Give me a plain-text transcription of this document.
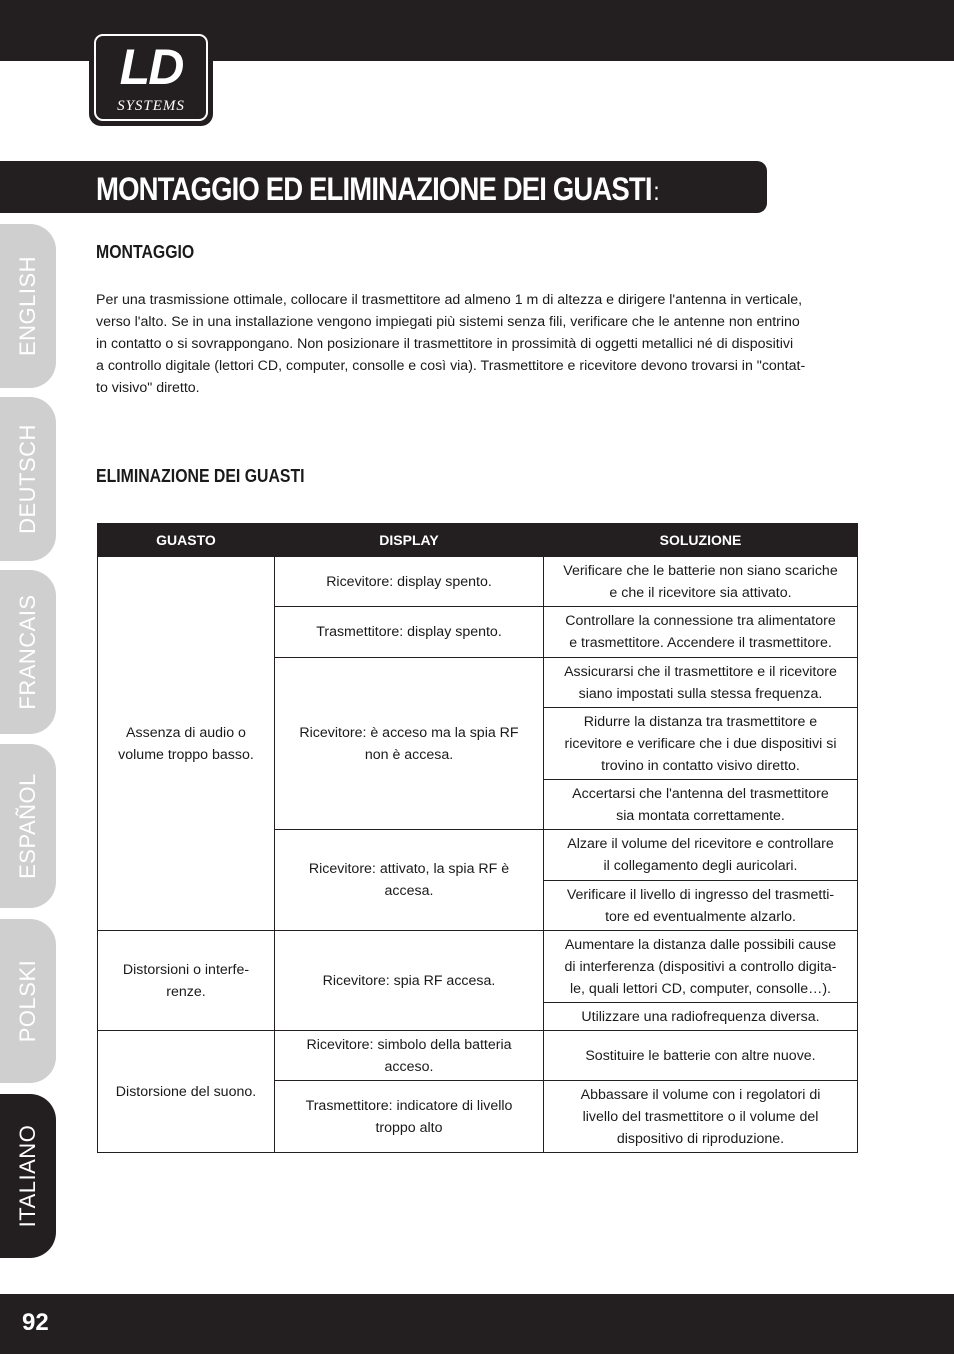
LD
SYSTEMS
MONTAGGIO ED ELIMINAZIONE DEI GUASTI:
ENGLISH
DEUTSCH
FRANCAIS
ESPAÑOL
POLSKI
ITALIANO
MONTAGGIO
Per una trasmissione ottimale, collocare il trasmettitore ad almeno 1 m di altezza e dirigere l'antenna in verticale,
verso l'alto. Se in una installazione vengono impiegati più sistemi senza fili, verificare che le antenne non entrino
in contatto o si sovrappongano. Non posizionare il trasmettitore in prossimità di oggetti metallici né di dispositivi
a controllo digitale (lettori CD, computer, consolle e così via). Trasmettitore e ricevitore devono trovarsi in "contat-
to visivo" diretto.
ELIMINAZIONE DEI GUASTI
GUASTO	DISPLAY	SOLUZIONE
Assenza di audio o
volume troppo basso.	Ricevitore: display spento.	Verificare che le batterie non siano scariche
e che il ricevitore sia attivato.
	Trasmettitore: display spento.	Controllare la connessione tra alimentatore
e trasmettitore. Accendere il trasmettitore.
	Ricevitore: è acceso ma la spia RF
non è accesa.	Assicurarsi che il trasmettitore e il ricevitore
siano impostati sulla stessa frequenza.
		Ridurre la distanza tra trasmettitore e
ricevitore e verificare che i due dispositivi si
trovino in contatto visivo diretto.
		Accertarsi che l'antenna del trasmettitore
sia montata correttamente.
	Ricevitore: attivato, la spia RF è
accesa.	Alzare il volume del ricevitore e controllare
il collegamento degli auricolari.
		Verificare il livello di ingresso del trasmetti-
tore ed eventualmente alzarlo.
Distorsioni o interfe-
renze.	Ricevitore: spia RF accesa.	Aumentare la distanza dalle possibili cause
di interferenza (dispositivi a controllo digita-
le, quali lettori CD, computer, consolle…).
		Utilizzare una radiofrequenza diversa.
Distorsione del suono.	Ricevitore: simbolo della batteria
acceso.	Sostituire le batterie con altre nuove.
	Trasmettitore: indicatore di livello
troppo alto	Abbassare il volume con i regolatori di
livello del trasmettitore o il volume del
dispositivo di riproduzione.
92
